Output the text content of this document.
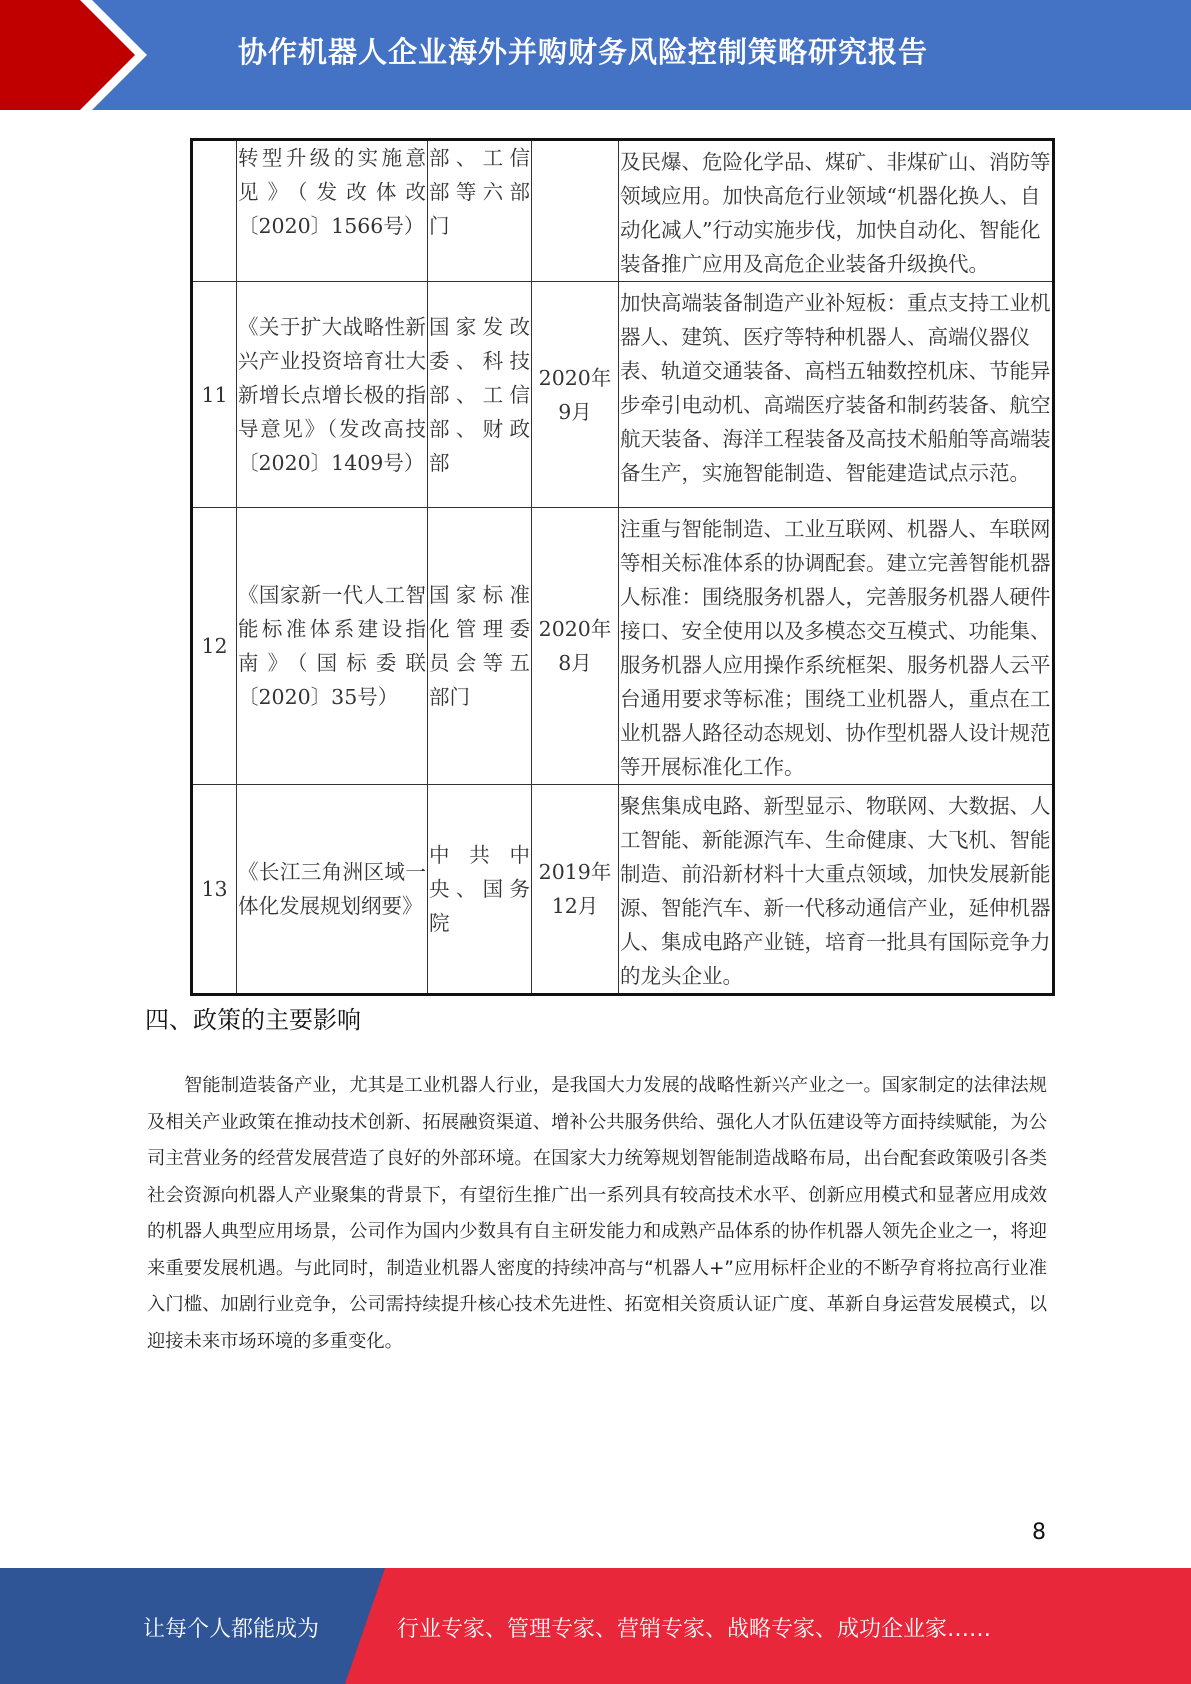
协作机器人企业海外并购财务风险控制策略研究报告
	转型升级的实施意见》（发改体改〔2020〕1566号）	部、工信部等六部门		及民爆、危险化学品、煤矿、非煤矿山、消防等领域应用。加快高危行业领域“机器化换人、自动化减人”行动实施步伐，加快自动化、智能化装备推广应用及高危企业装备升级换代。
11	《关于扩大战略性新兴产业投资培育壮大新增长点增长极的指导意见》（发改高技〔2020〕1409号）	国家发改委、科技部、工信部、财政部	2020年9月	加快高端装备制造产业补短板：重点支持工业机器人、建筑、医疗等特种机器人、高端仪器仪表、轨道交通装备、高档五轴数控机床、节能异步牵引电动机、高端医疗装备和制药装备、航空航天装备、海洋工程装备及高技术船舶等高端装备生产，实施智能制造、智能建造试点示范。
12	《国家新一代人工智能标准体系建设指南》（国标委联〔2020〕35号）	国家标准化管理委员会等五部门	2020年8月	注重与智能制造、工业互联网、机器人、车联网等相关标准体系的协调配套。建立完善智能机器人标准：围绕服务机器人，完善服务机器人硬件接口、安全使用以及多模态交互模式、功能集、服务机器人应用操作系统框架、服务机器人云平台通用要求等标准；围绕工业机器人，重点在工业机器人路径动态规划、协作型机器人设计规范等开展标准化工作。
13	《长江三角洲区域一体化发展规划纲要》	中共中央、国务院	2019年12月	聚焦集成电路、新型显示、物联网、大数据、人工智能、新能源汽车、生命健康、大飞机、智能制造、前沿新材料十大重点领域，加快发展新能源、智能汽车、新一代移动通信产业，延伸机器人、集成电路产业链，培育一批具有国际竞争力的龙头企业。
四、政策的主要影响
智能制造装备产业，尤其是工业机器人行业，是我国大力发展的战略性新兴产业之一。国家制定的法律法规及相关产业政策在推动技术创新、拓展融资渠道、增补公共服务供给、强化人才队伍建设等方面持续赋能，为公司主营业务的经营发展营造了良好的外部环境。在国家大力统筹规划智能制造战略布局，出台配套政策吸引各类社会资源向机器人产业聚集的背景下，有望衍生推广出一系列具有较高技术水平、创新应用模式和显著应用成效的机器人典型应用场景，公司作为国内少数具有自主研发能力和成熟产品体系的协作机器人领先企业之一，将迎来重要发展机遇。与此同时，制造业机器人密度的持续冲高与“机器人+”应用标杆企业的不断孕育将拉高行业准入门槛、加剧行业竞争，公司需持续提升核心技术先进性、拓宽相关资质认证广度、革新自身运营发展模式，以迎接未来市场环境的多重变化。
8
让每个人都能成为	行业专家、管理专家、营销专家、战略专家、成功企业家……
